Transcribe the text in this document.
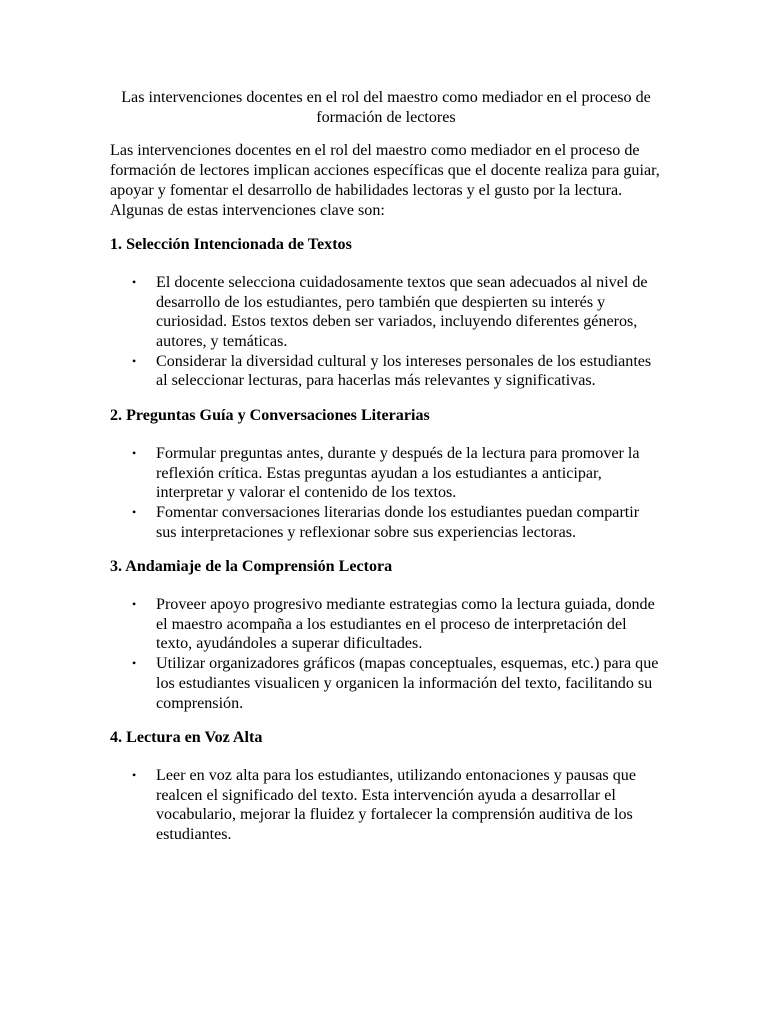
Las intervenciones docentes en el rol del maestro como mediador en el proceso de formación de lectores

Las intervenciones docentes en el rol del maestro como mediador en el proceso de formación de lectores implican acciones específicas que el docente realiza para guiar, apoyar y fomentar el desarrollo de habilidades lectoras y el gusto por la lectura. Algunas de estas intervenciones clave son:

1. Selección Intencionada de Textos

• El docente selecciona cuidadosamente textos que sean adecuados al nivel de desarrollo de los estudiantes, pero también que despierten su interés y curiosidad. Estos textos deben ser variados, incluyendo diferentes géneros, autores, y temáticas.
• Considerar la diversidad cultural y los intereses personales de los estudiantes al seleccionar lecturas, para hacerlas más relevantes y significativas.

2. Preguntas Guía y Conversaciones Literarias

• Formular preguntas antes, durante y después de la lectura para promover la reflexión crítica. Estas preguntas ayudan a los estudiantes a anticipar, interpretar y valorar el contenido de los textos.
• Fomentar conversaciones literarias donde los estudiantes puedan compartir sus interpretaciones y reflexionar sobre sus experiencias lectoras.

3. Andamiaje de la Comprensión Lectora

• Proveer apoyo progresivo mediante estrategias como la lectura guiada, donde el maestro acompaña a los estudiantes en el proceso de interpretación del texto, ayudándoles a superar dificultades.
• Utilizar organizadores gráficos (mapas conceptuales, esquemas, etc.) para que los estudiantes visualicen y organicen la información del texto, facilitando su comprensión.

4. Lectura en Voz Alta

• Leer en voz alta para los estudiantes, utilizando entonaciones y pausas que realcen el significado del texto. Esta intervención ayuda a desarrollar el vocabulario, mejorar la fluidez y fortalecer la comprensión auditiva de los estudiantes.
